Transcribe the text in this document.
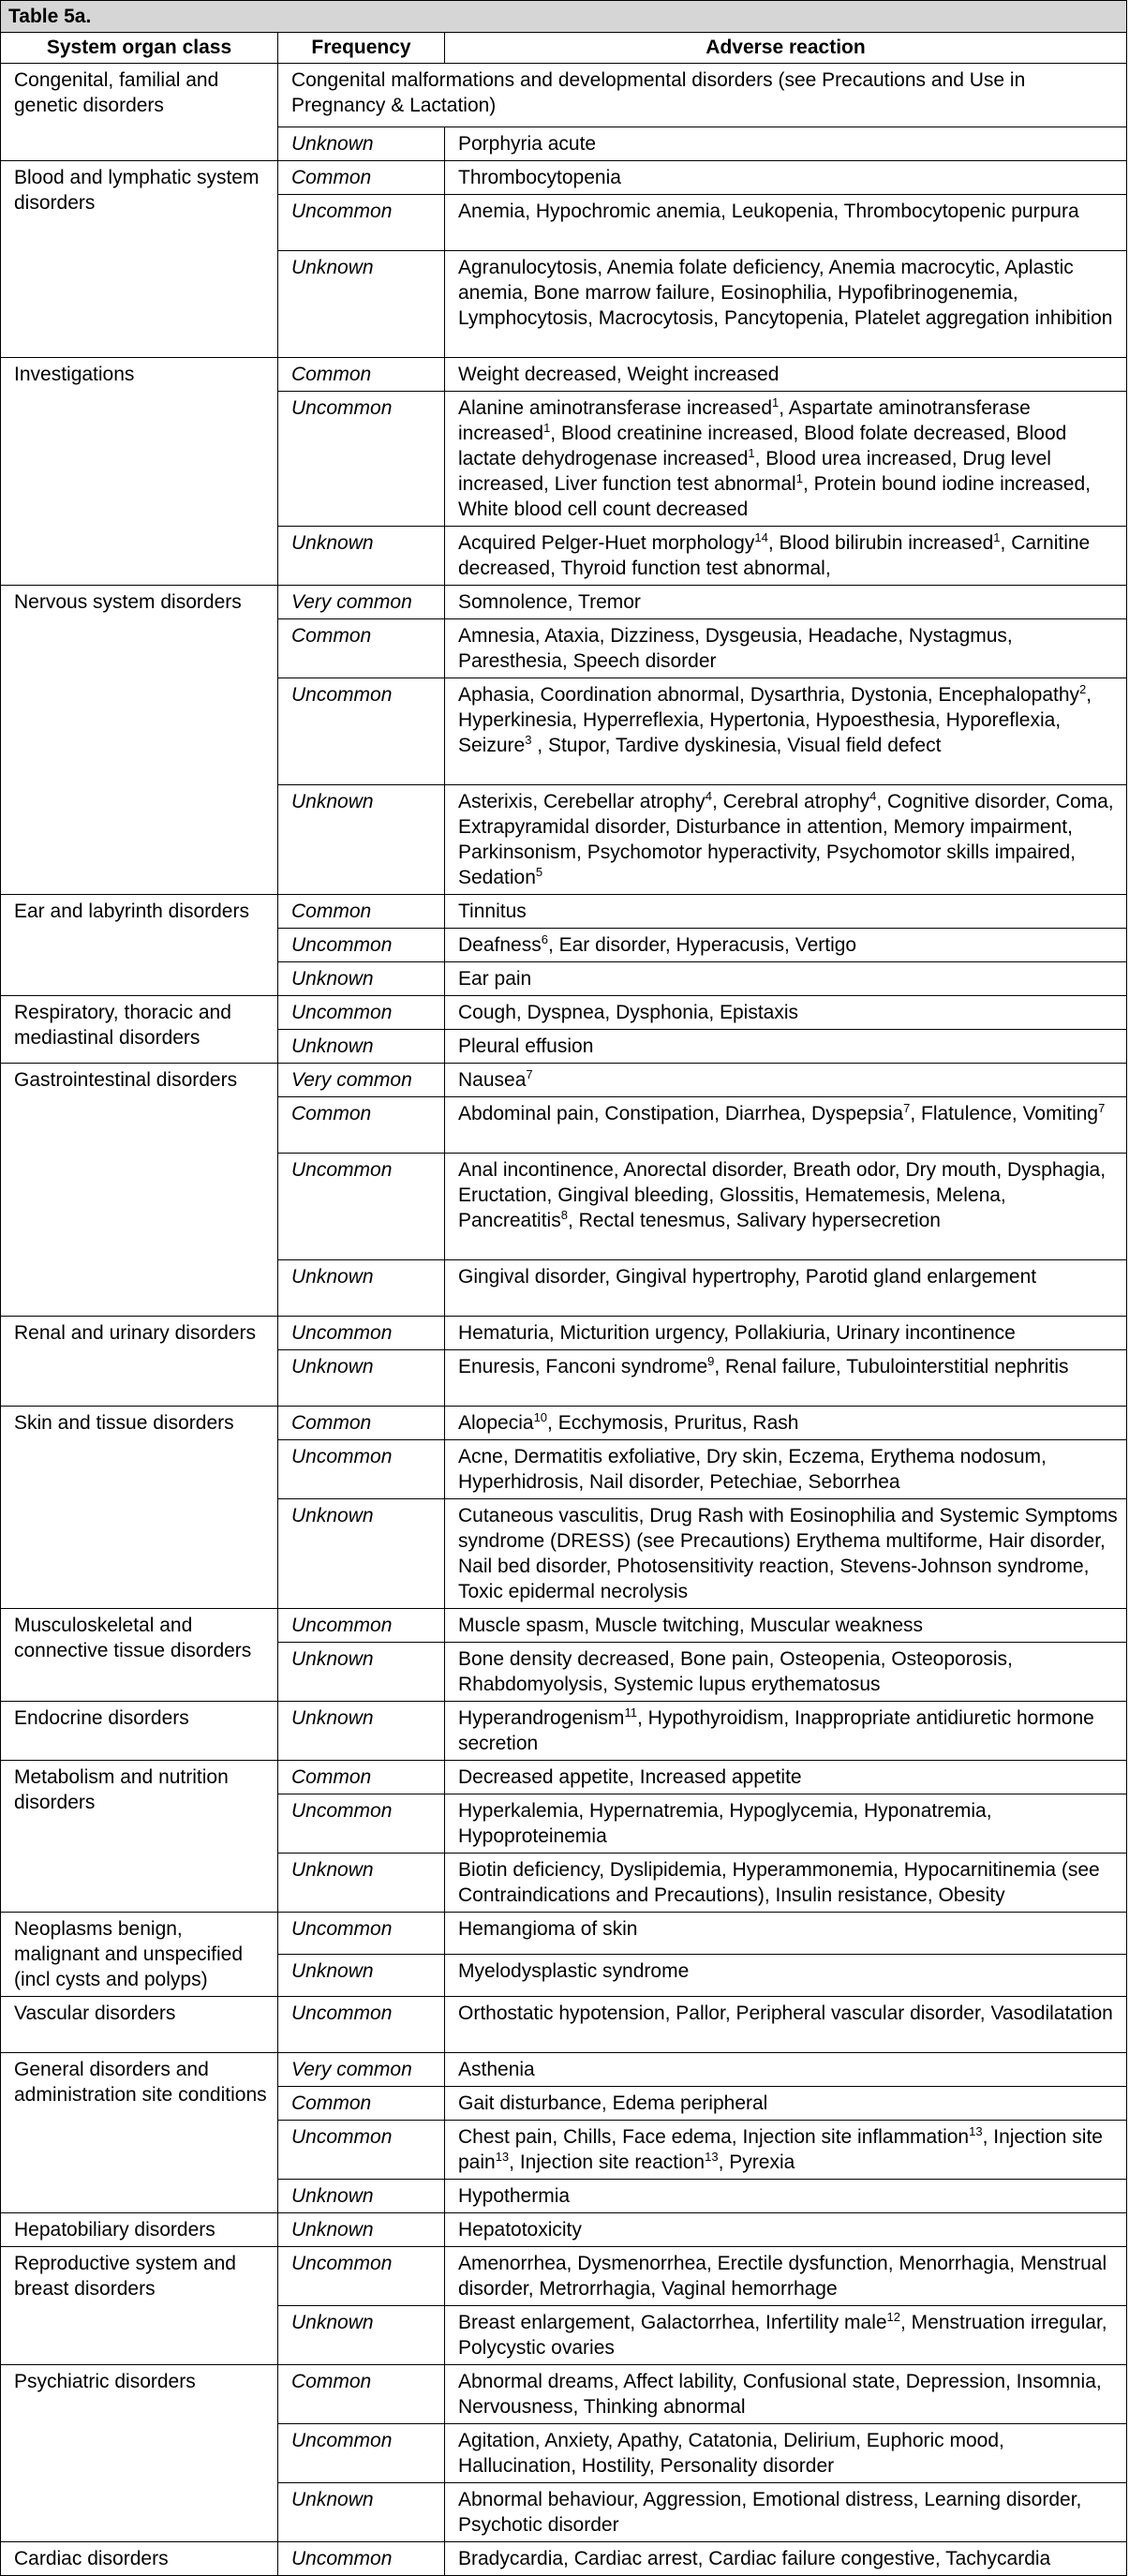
Table 5a.
System organ class	Frequency	Adverse reaction
Congenital, familial and genetic disorders	Congenital malformations and developmental disorders (see Precautions and Use in Pregnancy & Lactation)	
	Unknown	Porphyria acute
Blood and lymphatic system disorders	Common	Thrombocytopenia
	Uncommon	Anemia, Hypochromic anemia, Leukopenia, Thrombocytopenic purpura
	Unknown	Agranulocytosis, Anemia folate deficiency, Anemia macrocytic, Aplastic anemia, Bone marrow failure, Eosinophilia, Hypofibrinogenemia, Lymphocytosis, Macrocytosis, Pancytopenia, Platelet aggregation inhibition
Investigations	Common	Weight decreased, Weight increased
	Uncommon	Alanine aminotransferase increased$^1$, Aspartate aminotransferase increased$^1$, Blood creatinine increased, Blood folate decreased, Blood lactate dehydrogenase increased$^1$, Blood urea increased, Drug level increased, Liver function test abnormal$^1$, Protein bound iodine increased, White blood cell count decreased
	Unknown	Acquired Pelger-Huet morphology$^{14}$, Blood bilirubin increased$^1$, Carnitine decreased, Thyroid function test abnormal,
Nervous system disorders	Very common	Somnolence, Tremor
	Common	Amnesia, Ataxia, Dizziness, Dysgeusia, Headache, Nystagmus, Paresthesia, Speech disorder
	Uncommon	Aphasia, Coordination abnormal, Dysarthria, Dystonia, Encephalopathy$^2$, Hyperkinesia, Hyperreflexia, Hypertonia, Hypoesthesia, Hyporeflexia, Seizure$^3$ , Stupor, Tardive dyskinesia, Visual field defect
	Unknown	Asterixis, Cerebellar atrophy$^4$, Cerebral atrophy$^4$, Cognitive disorder, Coma, Extrapyramidal disorder, Disturbance in attention, Memory impairment, Parkinsonism, Psychomotor hyperactivity, Psychomotor skills impaired, Sedation$^5$
Ear and labyrinth disorders	Common	Tinnitus
	Uncommon	Deafness$^6$, Ear disorder, Hyperacusis, Vertigo
	Unknown	Ear pain
Respiratory, thoracic and mediastinal disorders	Uncommon	Cough, Dyspnea, Dysphonia, Epistaxis
	Unknown	Pleural effusion
Gastrointestinal disorders	Very common	Nausea$^7$
	Common	Abdominal pain, Constipation, Diarrhea, Dyspepsia$^7$, Flatulence, Vomiting$^7$
	Uncommon	Anal incontinence, Anorectal disorder, Breath odor, Dry mouth, Dysphagia, Eructation, Gingival bleeding, Glossitis, Hematemesis, Melena, Pancreatitis$^8$, Rectal tenesmus, Salivary hypersecretion
	Unknown	Gingival disorder, Gingival hypertrophy, Parotid gland enlargement
Renal and urinary disorders	Uncommon	Hematuria, Micturition urgency, Pollakiuria, Urinary incontinence
	Unknown	Enuresis, Fanconi syndrome$^9$, Renal failure, Tubulointerstitial nephritis
Skin and tissue disorders	Common	Alopecia$^{10}$, Ecchymosis, Pruritus, Rash
	Uncommon	Acne, Dermatitis exfoliative, Dry skin, Eczema, Erythema nodosum, Hyperhidrosis, Nail disorder, Petechiae, Seborrhea
	Unknown	Cutaneous vasculitis, Drug Rash with Eosinophilia and Systemic Symptoms syndrome (DRESS) (see Precautions) Erythema multiforme, Hair disorder, Nail bed disorder, Photosensitivity reaction, Stevens-Johnson syndrome, Toxic epidermal necrolysis
Musculoskeletal and connective tissue disorders	Uncommon	Muscle spasm, Muscle twitching, Muscular weakness
	Unknown	Bone density decreased, Bone pain, Osteopenia, Osteoporosis, Rhabdomyolysis, Systemic lupus erythematosus
Endocrine disorders	Unknown	Hyperandrogenism$^{11}$, Hypothyroidism, Inappropriate antidiuretic hormone secretion
Metabolism and nutrition disorders	Common	Decreased appetite, Increased appetite
	Uncommon	Hyperkalemia, Hypernatremia, Hypoglycemia, Hyponatremia, Hypoproteinemia
	Unknown	Biotin deficiency, Dyslipidemia, Hyperammonemia, Hypocarnitinemia (see Contraindications and Precautions), Insulin resistance, Obesity
Neoplasms benign, malignant and unspecified (incl cysts and polyps)	Uncommon	Hemangioma of skin
	Unknown	Myelodysplastic syndrome
Vascular disorders	Uncommon	Orthostatic hypotension, Pallor, Peripheral vascular disorder, Vasodilatation
General disorders and administration site conditions	Very common	Asthenia
	Common	Gait disturbance, Edema peripheral
	Uncommon	Chest pain, Chills, Face edema, Injection site inflammation$^{13}$, Injection site pain$^{13}$, Injection site reaction$^{13}$, Pyrexia
	Unknown	Hypothermia
Hepatobiliary disorders	Unknown	Hepatotoxicity
Reproductive system and breast disorders	Uncommon	Amenorrhea, Dysmenorrhea, Erectile dysfunction, Menorrhagia, Menstrual disorder, Metrorrhagia, Vaginal hemorrhage
	Unknown	Breast enlargement, Galactorrhea, Infertility male$^{12}$, Menstruation irregular, Polycystic ovaries
Psychiatric disorders	Common	Abnormal dreams, Affect lability, Confusional state, Depression, Insomnia, Nervousness, Thinking abnormal
	Uncommon	Agitation, Anxiety, Apathy, Catatonia, Delirium, Euphoric mood, Hallucination, Hostility, Personality disorder
	Unknown	Abnormal behaviour, Aggression, Emotional distress, Learning disorder, Psychotic disorder
Cardiac disorders	Uncommon	Bradycardia, Cardiac arrest, Cardiac failure congestive, Tachycardia
